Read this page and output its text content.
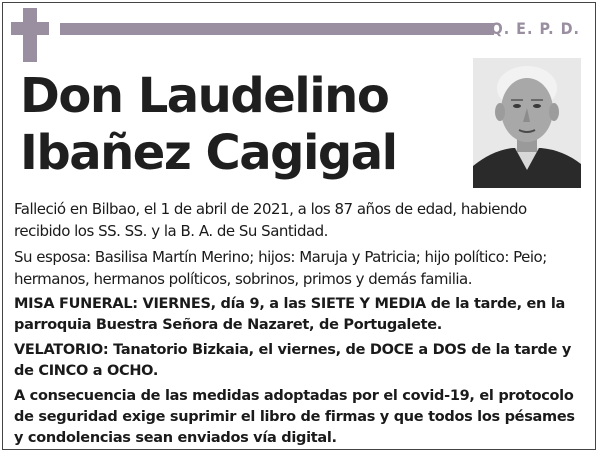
Q. E. P. D.
Don Laudelino
Ibañez Cagigal

Falleció en Bilbao, el 1 de abril de 2021, a los 87 años de edad, habiendo recibido los SS. SS. y la B. A. de Su Santidad.

Su esposa: Basilisa Martín Merino; hijos: Maruja y Patricia; hijo político: Peio; hermanos, hermanos políticos, sobrinos, primos y demás familia.

MISA FUNERAL: VIERNES, día 9, a las SIETE Y MEDIA de la tarde, en la parroquia Buestra Señora de Nazaret, de Portugalete.

VELATORIO: Tanatorio Bizkaia, el viernes, de DOCE a DOS de la tarde y de CINCO a OCHO.

A consecuencia de las medidas adoptadas por el covid-19, el protocolo de seguridad exige suprimir el libro de firmas y que todos los pésames y condolencias sean enviados vía digital.
